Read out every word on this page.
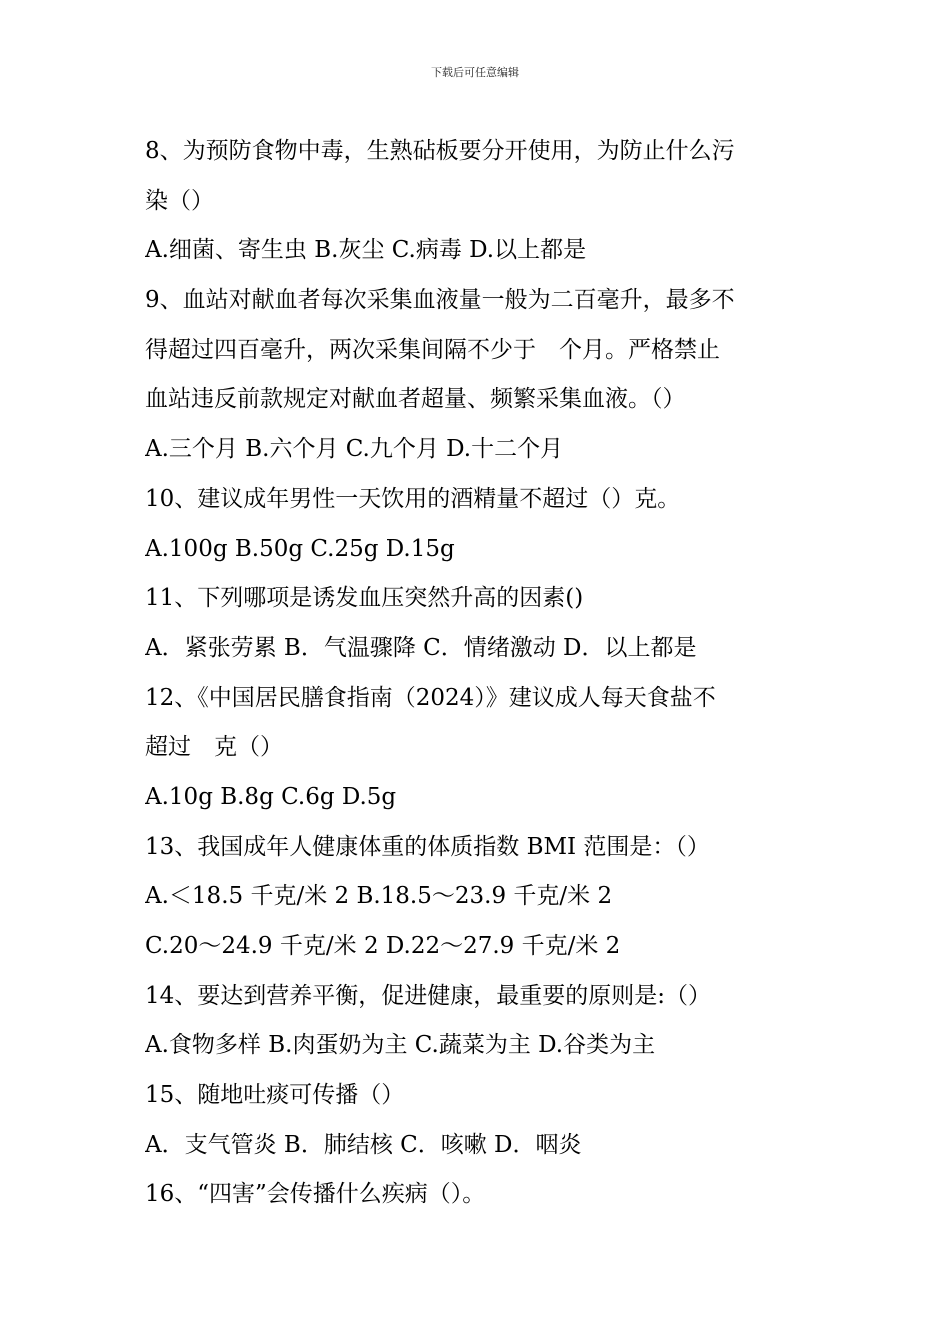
下载后可任意编辑
8、为预防食物中毒，生熟砧板要分开使用，为防止什么污
染（）
A.细菌、寄生虫 B.灰尘 C.病毒 D.以上都是
9、血站对献血者每次采集血液量一般为二百毫升，最多不
得超过四百毫升，两次采集间隔不少于　个月。严格禁止
血站违反前款规定对献血者超量、频繁采集血液。（）
A.三个月 B.六个月 C.九个月 D.十二个月
10、建议成年男性一天饮用的酒精量不超过（）克。
A.100g B.50g C.25g D.15g
11、下列哪项是诱发血压突然升高的因素()
A．紧张劳累 B．气温骤降 C．情绪激动 D．以上都是
12、《中国居民膳食指南（2024）》建议成人每天食盐不
超过　克（）
A.10g B.8g C.6g D.5g
13、我国成年人健康体重的体质指数 BMI 范围是：（）
A.＜18.5 千克/米 2 B.18.5～23.9 千克/米 2
C.20～24.9 千克/米 2 D.22～27.9 千克/米 2
14、要达到营养平衡，促进健康，最重要的原则是:（）
A.食物多样 B.肉蛋奶为主 C.蔬菜为主 D.谷类为主
15、随地吐痰可传播（）
A．支气管炎 B．肺结核 C．咳嗽 D．咽炎
16、“四害”会传播什么疾病（）。
